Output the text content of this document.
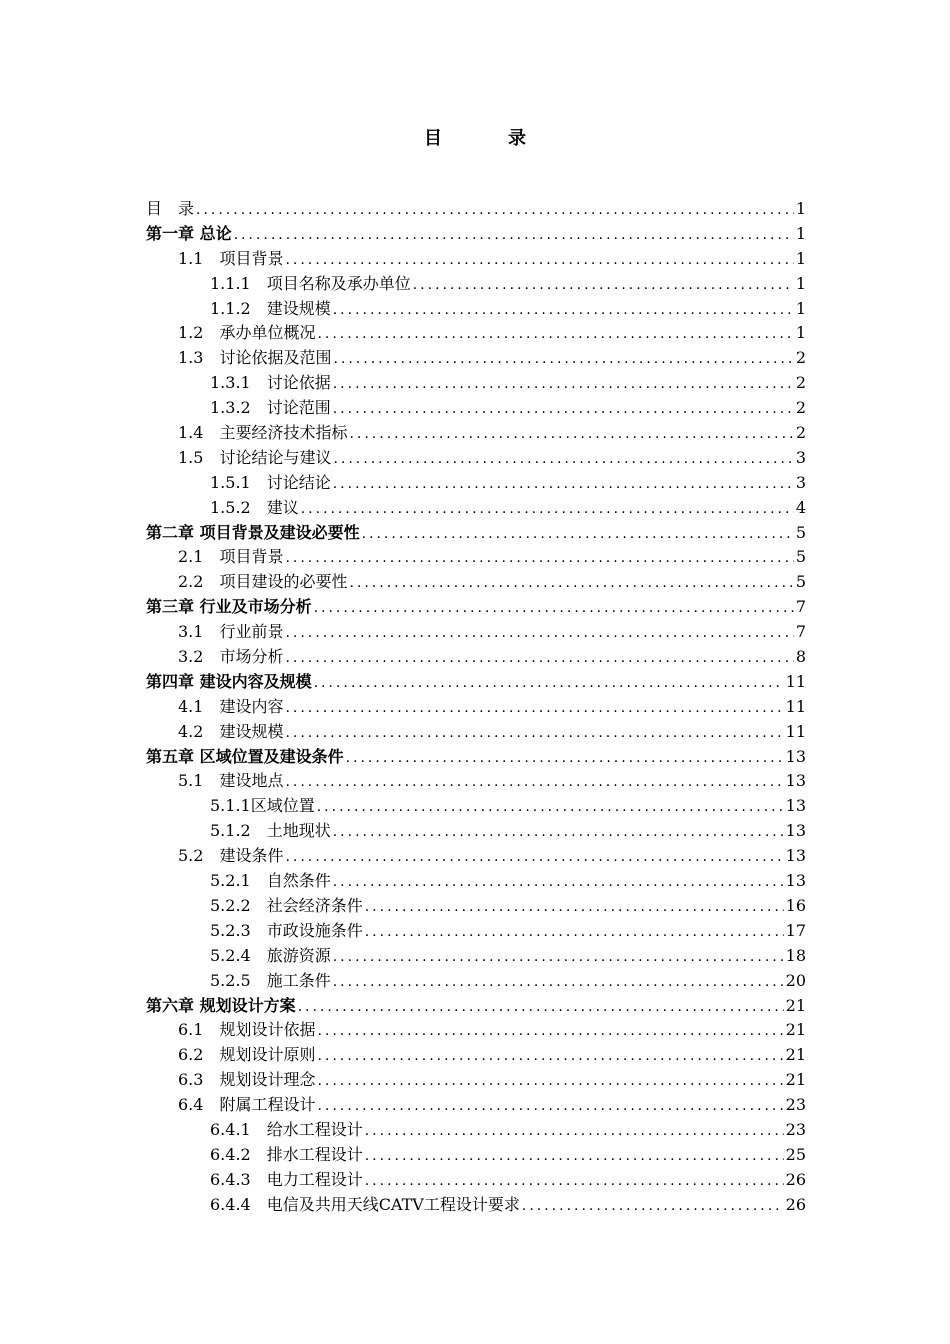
目　录
目　录 .....	1
第一章 总论 .....	1
1.1　项目背景 .....	1
1.1.1　项目名称及承办单位 .....	1
1.1.2　建设规模 .....	1
1.2　承办单位概况 .....	1
1.3　讨论依据及范围 .....	2
1.3.1　讨论依据 .....	2
1.3.2　讨论范围 .....	2
1.4　主要经济技术指标 .....	2
1.5　讨论结论与建议 .....	3
1.5.1　讨论结论 .....	3
1.5.2　建议 .....	4
第二章 项目背景及建设必要性 .....	5
2.1　项目背景 .....	5
2.2　项目建设的必要性 .....	5
第三章 行业及市场分析 .....	7
3.1　行业前景 .....	7
3.2　市场分析 .....	8
第四章 建设内容及规模 .....	11
4.1　建设内容 .....	11
4.2　建设规模 .....	11
第五章 区域位置及建设条件 .....	13
5.1　建设地点 .....	13
5.1.1区域位置 .....	13
5.1.2　土地现状 .....	13
5.2　建设条件 .....	13
5.2.1　自然条件 .....	13
5.2.2　社会经济条件 .....	16
5.2.3　市政设施条件 .....	17
5.2.4　旅游资源 .....	18
5.2.5　施工条件 .....	20
第六章 规划设计方案 .....	21
6.1　规划设计依据 .....	21
6.2　规划设计原则 .....	21
6.3　规划设计理念 .....	21
6.4　附属工程设计 .....	23
6.4.1　给水工程设计 .....	23
6.4.2　排水工程设计 .....	25
6.4.3　电力工程设计 .....	26
6.4.4　电信及共用天线CATV工程设计要求 .....	26
